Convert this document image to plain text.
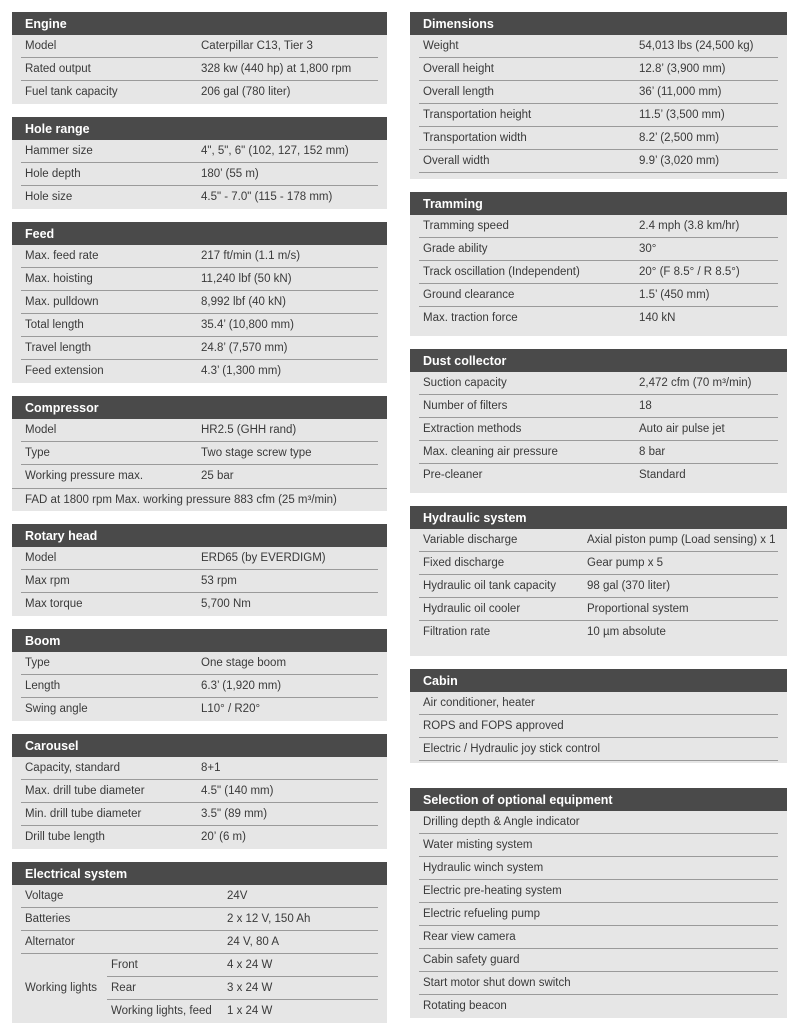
Engine
Model	Caterpillar C13, Tier 3
Rated output	328 kw (440 hp) at 1,800 rpm
Fuel tank capacity	206 gal (780 liter)
Hole range
Hammer size	4", 5", 6" (102, 127, 152 mm)
Hole depth	180’ (55 m)
Hole size	4.5" - 7.0" (115 - 178 mm)
Feed
Max. feed rate	217 ft/min (1.1 m/s)
Max. hoisting	11,240 lbf (50 kN)
Max. pulldown	8,992 lbf (40 kN)
Total length	35.4’ (10,800 mm)
Travel length	24.8’ (7,570 mm)
Feed extension	4.3’ (1,300 mm)
Compressor
Model	HR2.5 (GHH rand)
Type	Two stage screw type
Working pressure max.	25 bar
FAD at 1800 rpm Max. working pressure 883 cfm (25 m³/min)
Rotary head
Model	ERD65 (by EVERDIGM)
Max rpm	53 rpm
Max torque	5,700 Nm
Boom
Type	One stage boom
Length	6.3’ (1,920 mm)
Swing angle	L10° / R20°
Carousel
Capacity, standard	8+1
Max. drill tube diameter	4.5" (140 mm)
Min. drill tube diameter	3.5" (89 mm)
Drill tube length	20’ (6 m)
Electrical system
Voltage	24V
Batteries	2 x 12 V, 150 Ah
Alternator	24 V, 80 A
Working lights
Front	4 x 24 W
Rear	3 x 24 W
Working lights, feed 1 x 24 W
Dimensions
Weight	54,013 lbs (24,500 kg)
Overall height	12.8’ (3,900 mm)
Overall length	36’ (11,000 mm)
Transportation height	11.5’ (3,500 mm)
Transportation width	8.2’ (2,500 mm)
Overall width	9.9’ (3,020 mm)
Tramming
Tramming speed	2.4 mph (3.8 km/hr)
Grade ability	30°
Track oscillation (Independent)	20° (F 8.5° / R 8.5°)
Ground clearance	1.5’ (450 mm)
Max. traction force	140 kN
Dust collector
Suction capacity	2,472 cfm (70 m³/min)
Number of filters	18
Extraction methods	Auto air pulse jet
Max. cleaning air pressure	8 bar
Pre-cleaner	Standard
Hydraulic system
Variable discharge	Axial piston pump (Load sensing) x 1
Fixed discharge	Gear pump x 5
Hydraulic oil tank capacity	98 gal (370 liter)
Hydraulic oil cooler	Proportional system
Filtration rate	10 µm absolute
Cabin
Air conditioner, heater
ROPS and FOPS approved
Electric / Hydraulic joy stick control
Selection of optional equipment
Drilling depth & Angle indicator
Water misting system
Hydraulic winch system
Electric pre-heating system
Electric refueling pump
Rear view camera
Cabin safety guard
Start motor shut down switch
Rotating beacon
